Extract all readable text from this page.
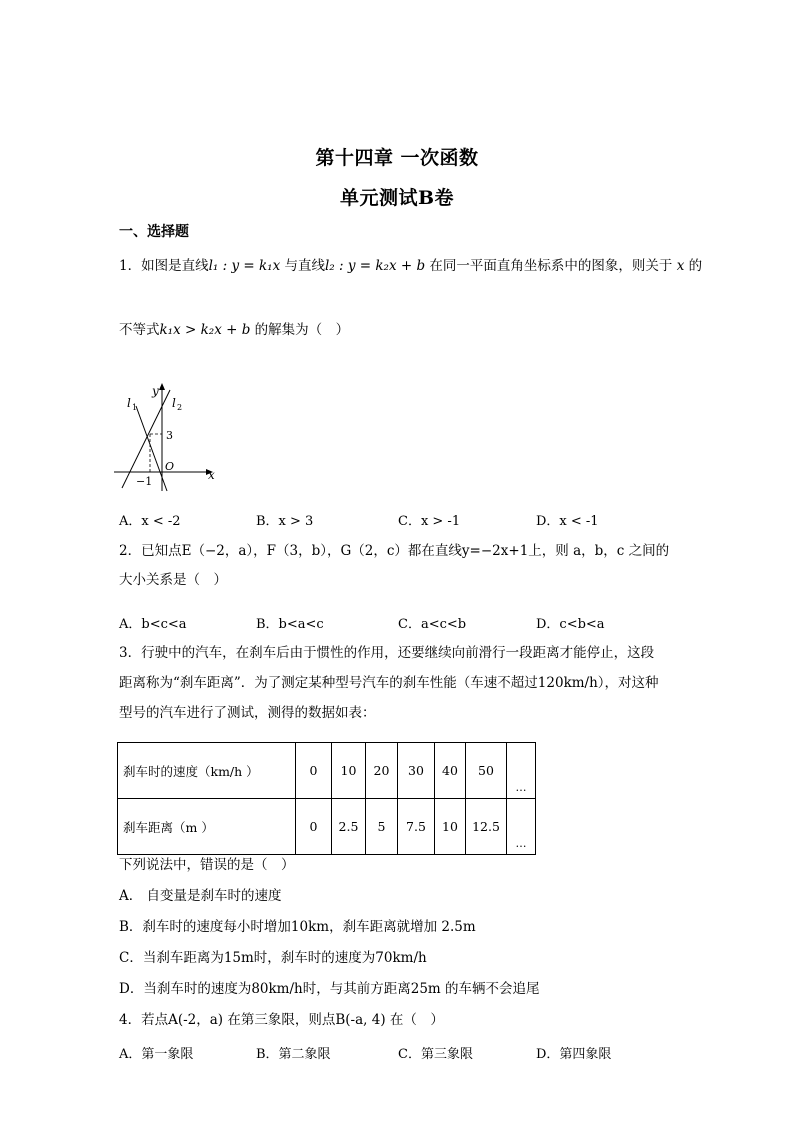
第十四章 一次函数
单元测试B卷
一、选择题
1．如图是直线l₁ : y = k₁x 与直线l₂ : y = k₂x + b 在同一平面直角坐标系中的图象，则关于 x 的
不等式k₁x > k₂x + b 的解集为（　）
y
x
l 1	l 2
3
O
−1
A．x < -2	B．x > 3	C．x > -1	D．x < -1
2．已知点E（−2，a），F（3，b），G（2，c）都在直线y=−2x+1上，则 a，b，c 之间的
大小关系是（　）
A．b<c<a	B．b<a<c	C．a<c<b	D．c<b<a
3．行驶中的汽车，在刹车后由于惯性的作用，还要继续向前滑行一段距离才能停止，这段
距离称为“刹车距离”．为了测定某种型号汽车的刹车性能（车速不超过120km/h），对这种
型号的汽车进行了测试，测得的数据如表：
刹车时的速度（km/h ）	0	10	20	30	40	50	…
刹车距离（m ）	0	2.5	5	7.5	10	12.5	…
下列说法中，错误的是（　）
A． 自变量是刹车时的速度
B．刹车时的速度每小时增加10km，刹车距离就增加 2.5m
C．当刹车距离为15m时，刹车时的速度为70km/h
D．当刹车时的速度为80km/h时，与其前方距离25m 的车辆不会追尾
4．若点A(-2，a) 在第三象限，则点B(-a, 4) 在（　）
A．第一象限	B．第二象限	C．第三象限	D．第四象限
